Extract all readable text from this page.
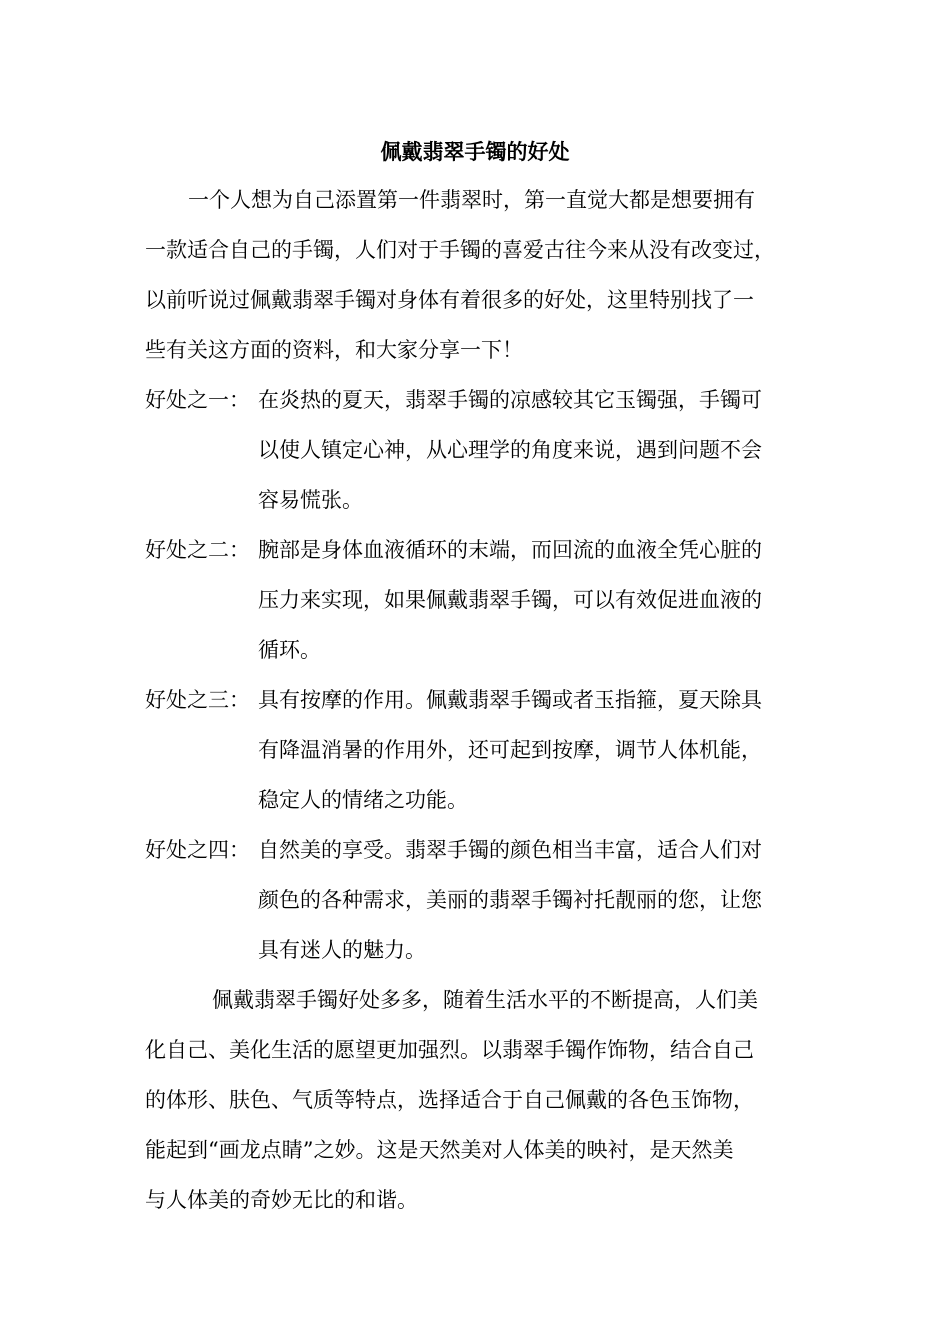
佩戴翡翠手镯的好处
一个人想为自己添置第一件翡翠时，第一直觉大都是想要拥有
一款适合自己的手镯，人们对于手镯的喜爱古往今来从没有改变过，
以前听说过佩戴翡翠手镯对身体有着很多的好处，这里特别找了一
些有关这方面的资料，和大家分享一下！
好处之一： 在炎热的夏天，翡翠手镯的凉感较其它玉镯强，手镯可
以使人镇定心神，从心理学的角度来说，遇到问题不会
容易慌张。
好处之二： 腕部是身体血液循环的末端，而回流的血液全凭心脏的
压力来实现，如果佩戴翡翠手镯，可以有效促进血液的
循环。
好处之三： 具有按摩的作用。佩戴翡翠手镯或者玉指箍，夏天除具
有降温消暑的作用外，还可起到按摩，调节人体机能，
稳定人的情绪之功能。
好处之四： 自然美的享受。翡翠手镯的颜色相当丰富，适合人们对
颜色的各种需求，美丽的翡翠手镯衬托靓丽的您，让您
具有迷人的魅力。
佩戴翡翠手镯好处多多，随着生活水平的不断提高，人们美
化自己、美化生活的愿望更加强烈。以翡翠手镯作饰物，结合自己
的体形、肤色、气质等特点，选择适合于自己佩戴的各色玉饰物，
能起到“画龙点睛”之妙。这是天然美对人体美的映衬，是天然美
与人体美的奇妙无比的和谐。
